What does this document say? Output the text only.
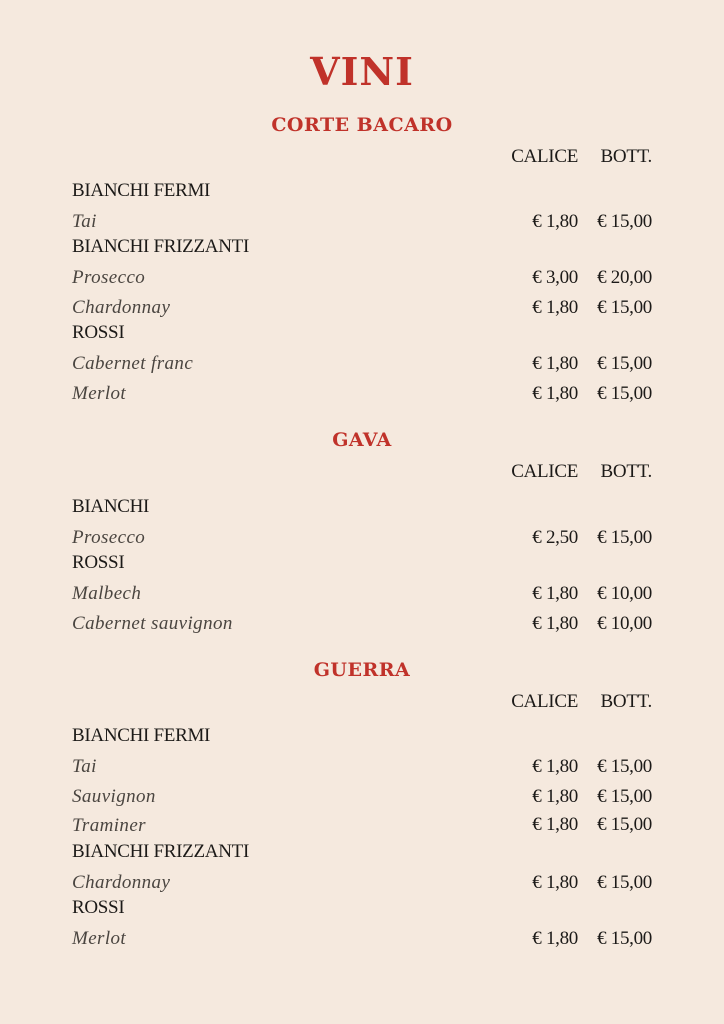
VINI
CORTE BACARO
CALICE BOTT.
BIANCHI FERMI
Tai	€ 1,80 € 15,00
BIANCHI FRIZZANTI
Prosecco	€ 3,00 € 20,00
Chardonnay	€ 1,80 € 15,00
ROSSI
Cabernet franc	€ 1,80 € 15,00
Merlot	€ 1,80 € 15,00
GAVA
CALICE BOTT.
BIANCHI
Prosecco	€ 2,50 € 15,00
ROSSI
Malbech	€ 1,80 € 10,00
Cabernet sauvignon	€ 1,80 € 10,00
GUERRA
CALICE BOTT.
BIANCHI FERMI
Tai	€ 1,80 € 15,00
Sauvignon	€ 1,80 € 15,00
Traminer	€ 1,80 € 15,00
BIANCHI FRIZZANTI
Chardonnay	€ 1,80 € 15,00
ROSSI
Merlot	€ 1,80 € 15,00
